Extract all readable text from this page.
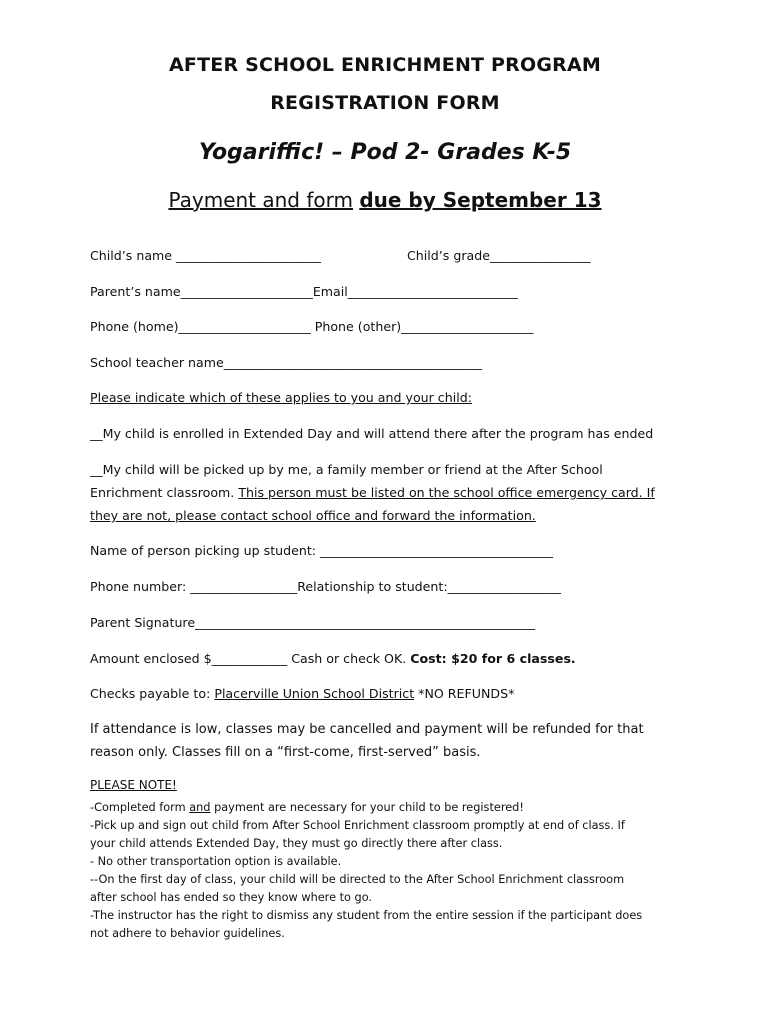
AFTER SCHOOL ENRICHMENT PROGRAM
REGISTRATION FORM
Yogariffic! – Pod 2- Grades K-5
Payment and form due by September 13
Child’s name _______________________	Child’s grade________________
Parent’s name_____________________Email___________________________
Phone (home)_____________________ Phone (other)_____________________
School teacher name_________________________________________
Please indicate which of these applies to you and your child:
__My child is enrolled in Extended Day and will attend there after the program has ended
__My child will be picked up by me, a family member or friend at the After School
Enrichment classroom. This person must be listed on the school office emergency card. If
they are not, please contact school office and forward the information.
Name of person picking up student: _____________________________________
Phone number: _________________Relationship to student:__________________
Parent Signature______________________________________________________
Amount enclosed $____________ Cash or check OK. Cost: $20 for 6 classes.
Checks payable to: Placerville Union School District *NO REFUNDS*
If attendance is low, classes may be cancelled and payment will be refunded for that
reason only. Classes fill on a “first-come, first-served” basis.
PLEASE NOTE!
-Completed form and payment are necessary for your child to be registered!
-Pick up and sign out child from After School Enrichment classroom promptly at end of class. If
your child attends Extended Day, they must go directly there after class.
- No other transportation option is available.
--On the first day of class, your child will be directed to the After School Enrichment classroom
after school has ended so they know where to go.
-The instructor has the right to dismiss any student from the entire session if the participant does
not adhere to behavior guidelines.
